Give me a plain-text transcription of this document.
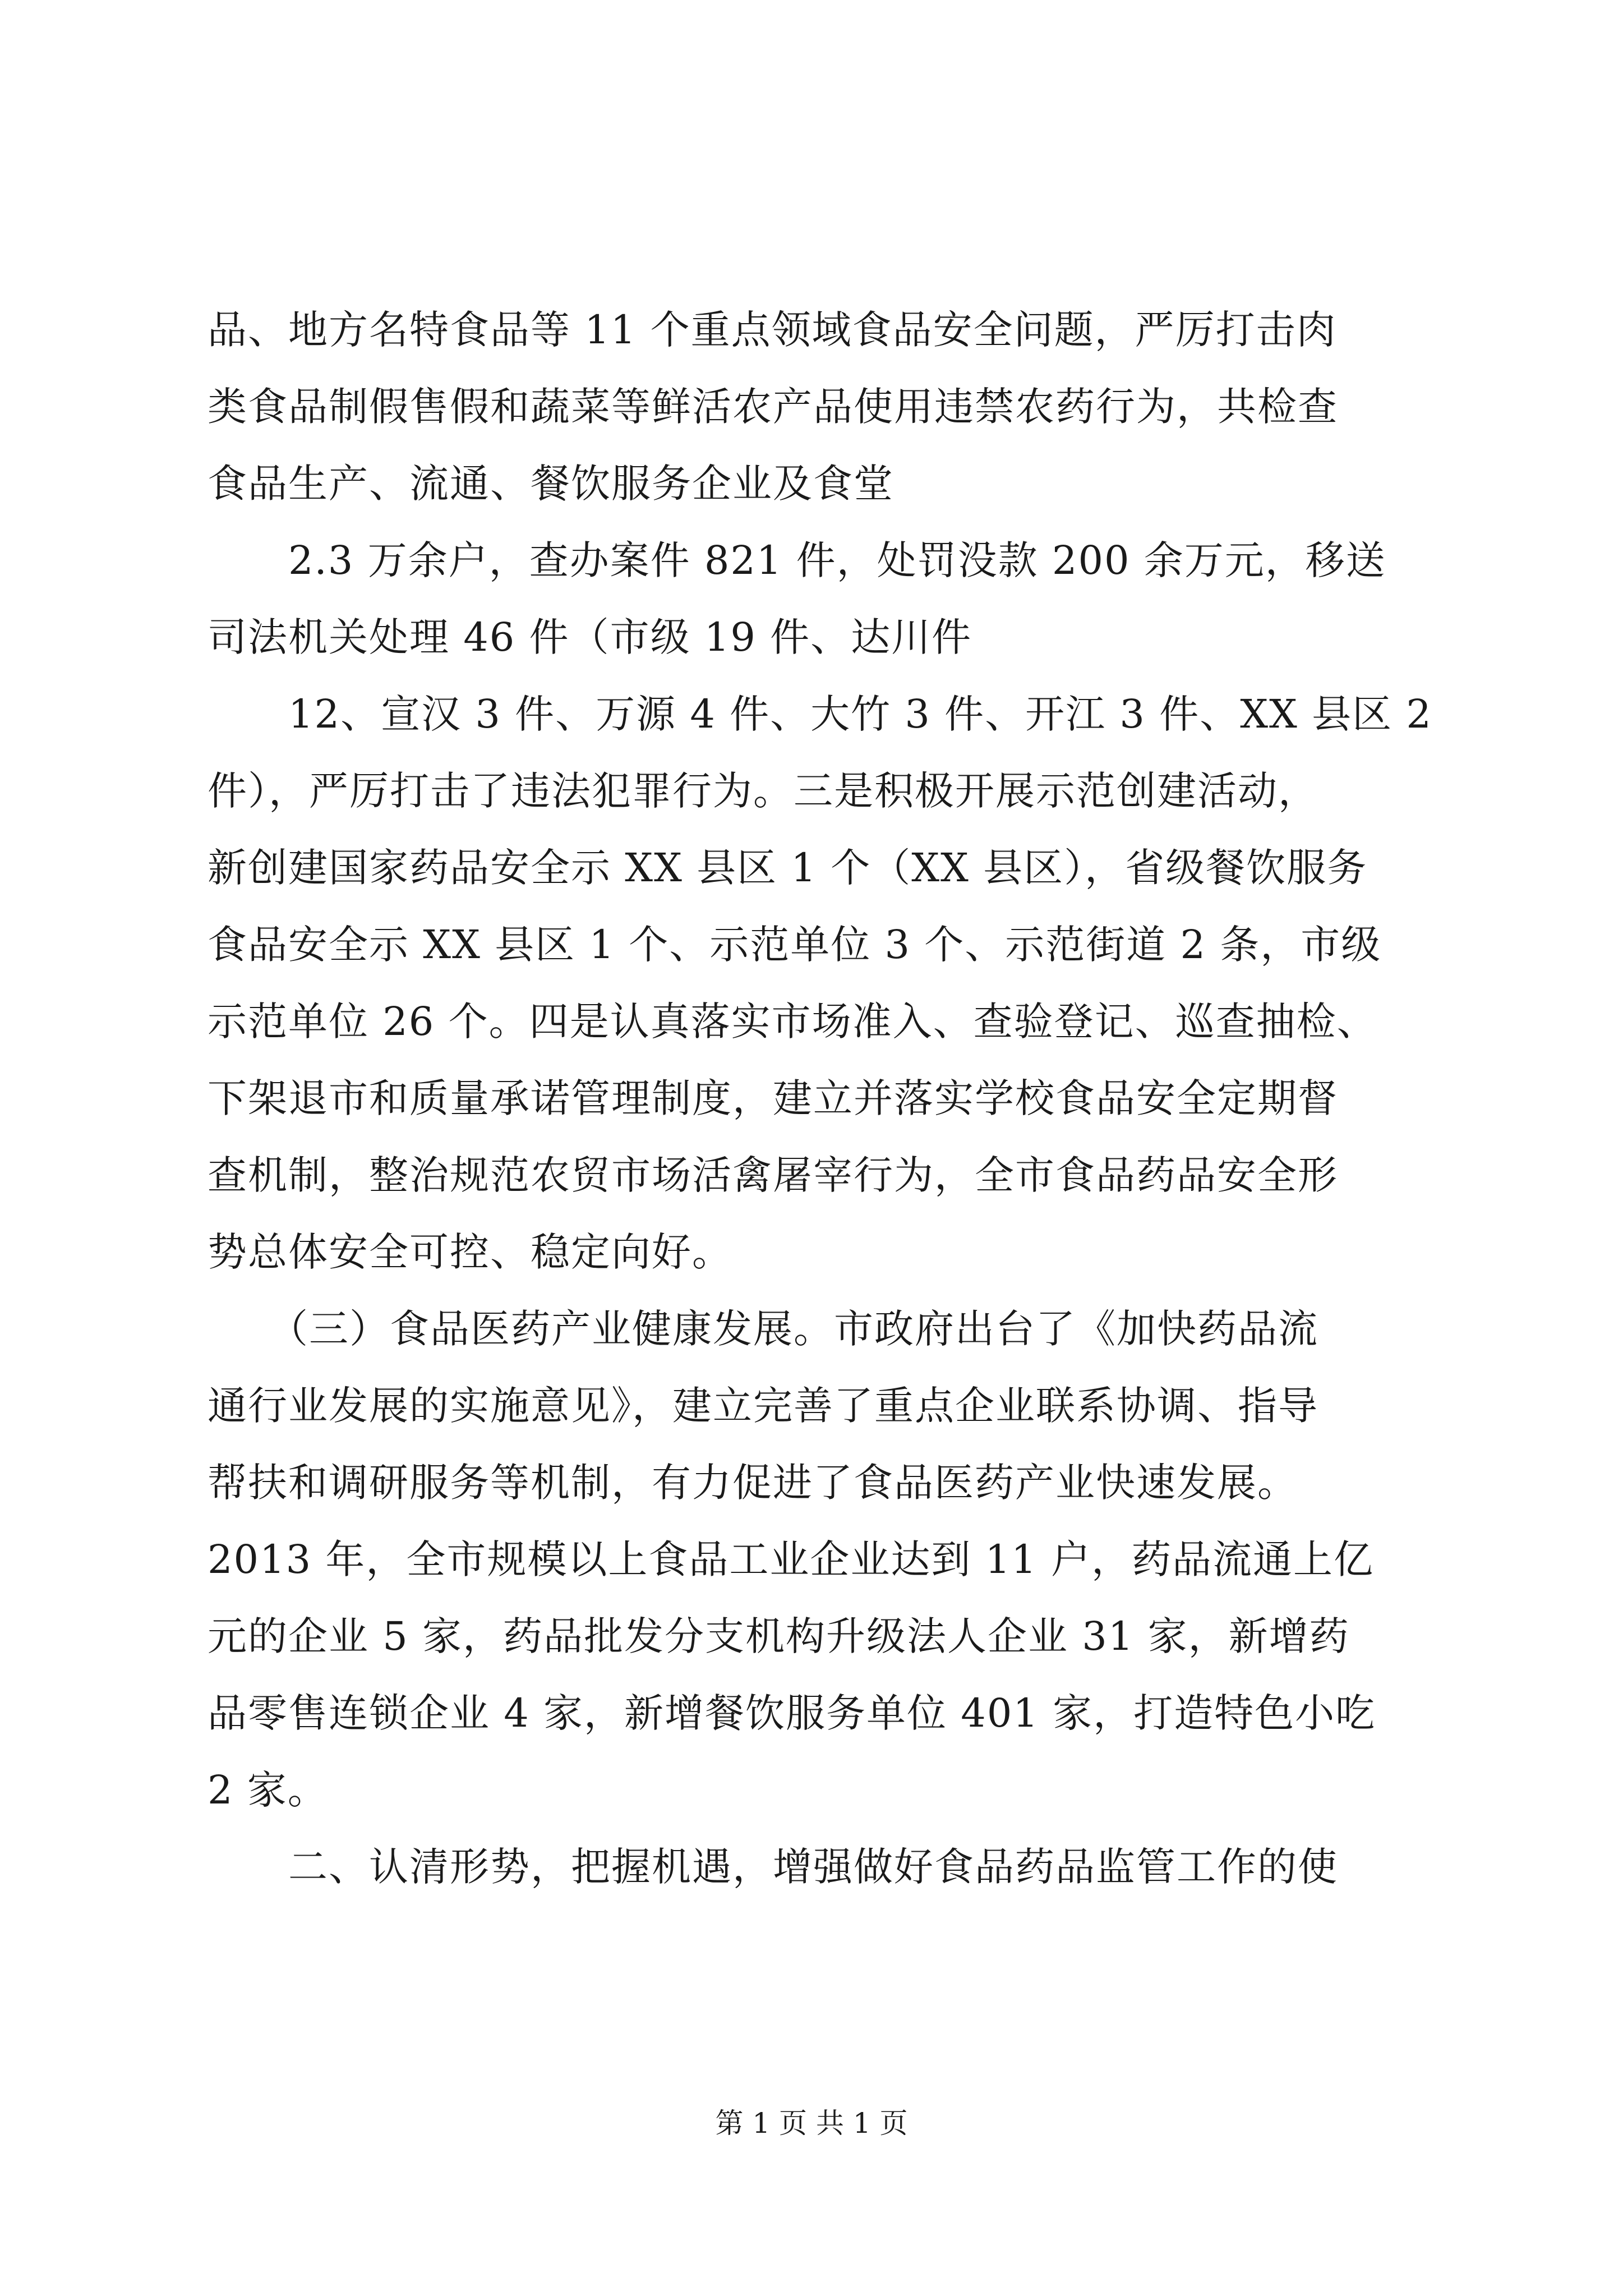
品、地方名特食品等 11 个重点领域食品安全问题，严厉打击肉
类食品制假售假和蔬菜等鲜活农产品使用违禁农药行为，共检查
食品生产、流通、餐饮服务企业及食堂
　　2.3 万余户，查办案件 821 件，处罚没款 200 余万元，移送
司法机关处理 46 件（市级 19 件、达川件
　　12、宣汉 3 件、万源 4 件、大竹 3 件、开江 3 件、XX 县区 2
件），严厉打击了违法犯罪行为。三是积极开展示范创建活动，
新创建国家药品安全示 XX 县区 1 个（XX 县区），省级餐饮服务
食品安全示 XX 县区 1 个、示范单位 3 个、示范街道 2 条，市级
示范单位 26 个。四是认真落实市场准入、查验登记、巡查抽检、
下架退市和质量承诺管理制度，建立并落实学校食品安全定期督
查机制，整治规范农贸市场活禽屠宰行为，全市食品药品安全形
势总体安全可控、稳定向好。
　　（三）食品医药产业健康发展。市政府出台了《加快药品流
通行业发展的实施意见》，建立完善了重点企业联系协调、指导
帮扶和调研服务等机制，有力促进了食品医药产业快速发展。
2013 年，全市规模以上食品工业企业达到 11 户，药品流通上亿
元的企业 5 家，药品批发分支机构升级法人企业 31 家，新增药
品零售连锁企业 4 家，新增餐饮服务单位 401 家，打造特色小吃
2 家。
　　二、认清形势，把握机遇，增强做好食品药品监管工作的使
第 1 页 共 1 页
